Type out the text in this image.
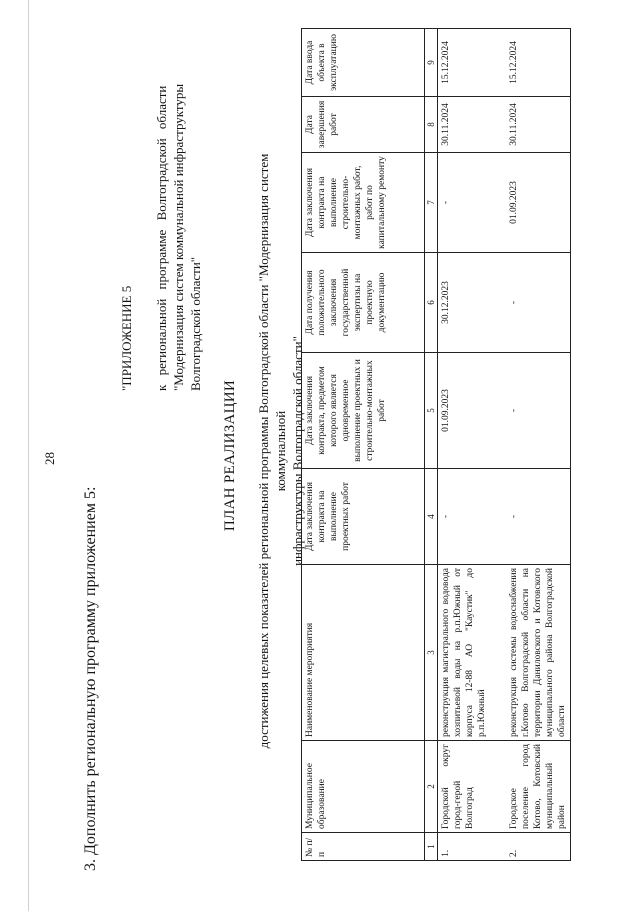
28
3. Дополнить региональную программу приложением 5:
"ПРИЛОЖЕНИЕ 5 к региональной программе Волгоградской области "Модернизация систем коммунальной инфраструктуры Волгоградской области"
ПЛАН РЕАЛИЗАЦИИ достижения целевых показателей региональной программы Волгоградской области "Модернизация систем коммунальной инфраструктуры Волгоградской области"
№ п/п	Муниципальное образование	Наименование мероприятия	Дата заключения контракта на выполнение проектных работ	Дата заключения контракта, предметом которого является одновременное выполнение проектных и строительно-монтажных работ	Дата получения положительного заключения государственной экспертизы на проектную документацию	Дата заключения контракта на выполнение строительно-монтажных работ, работ по капитальному ремонту	Дата завершения работ	Дата ввода объекта в эксплуатацию
1	2	3	4	5	6	7	8	9
1.	Городской округ город-герой Волгоград	реконструкция магистрального водовода хозпитьевой воды на р.п.Южный от корпуса 12-88 АО "Каустик" до р.п.Южный	-	01.09.2023	30.12.2023	-	30.11.2024	15.12.2024

2.	Городское поселение город Котово, Котовский муниципальный район	реконструкция системы водоснабжения г.Котово Волгоградской области на территории Даниловского и Котовского муниципального района Волгоградской области	-	-	-	01.09.2023	30.11.2024	15.12.2024
